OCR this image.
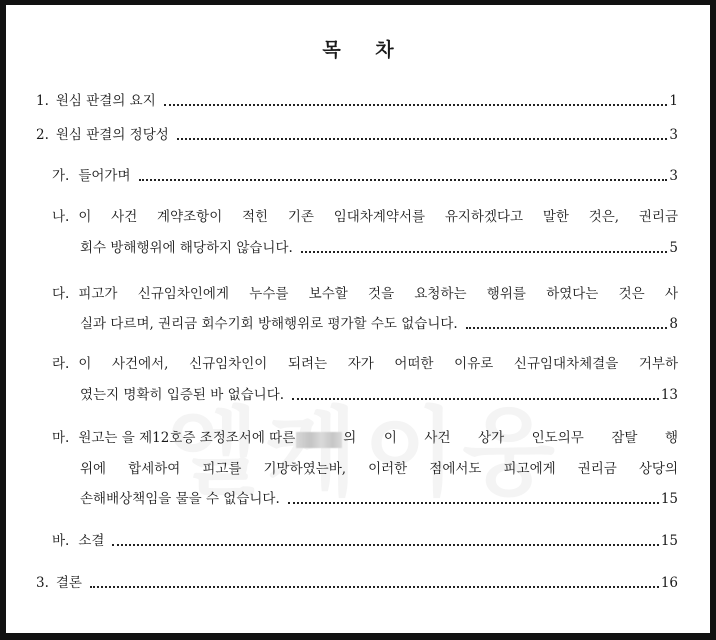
목 차
1. 원심 판결의 요지	1
2. 원심 판결의 정당성	3
가. 들어가며	3
나. 이 사건 계약조항이 적힌 기존 임대차계약서를 유지하겠다고 말한 것은, 권리금
회수 방해행위에 해당하지 않습니다.	5
다. 피고가 신규임차인에게 누수를 보수할 것을 요청하는 행위를 하였다는 것은 사
실과 다르며, 권리금 회수기회 방해행위로 평가할 수도 없습니다.	8
라. 이 사건에서, 신규임차인이 되려는 자가 어떠한 이유로 신규임대차체결을 거부하
였는지 명확히 입증된 바 없습니다.	13
마. 원고는 을 제12호증 조정조서에 따른	의 이 사건 상가 인도의무 잠탈 행
위에 합세하여 피고를 기망하였는바, 이러한 점에서도 피고에게 권리금 상당의
손해배상책임을 물을 수 없습니다.	15
바. 소결	15
3. 결론	16
